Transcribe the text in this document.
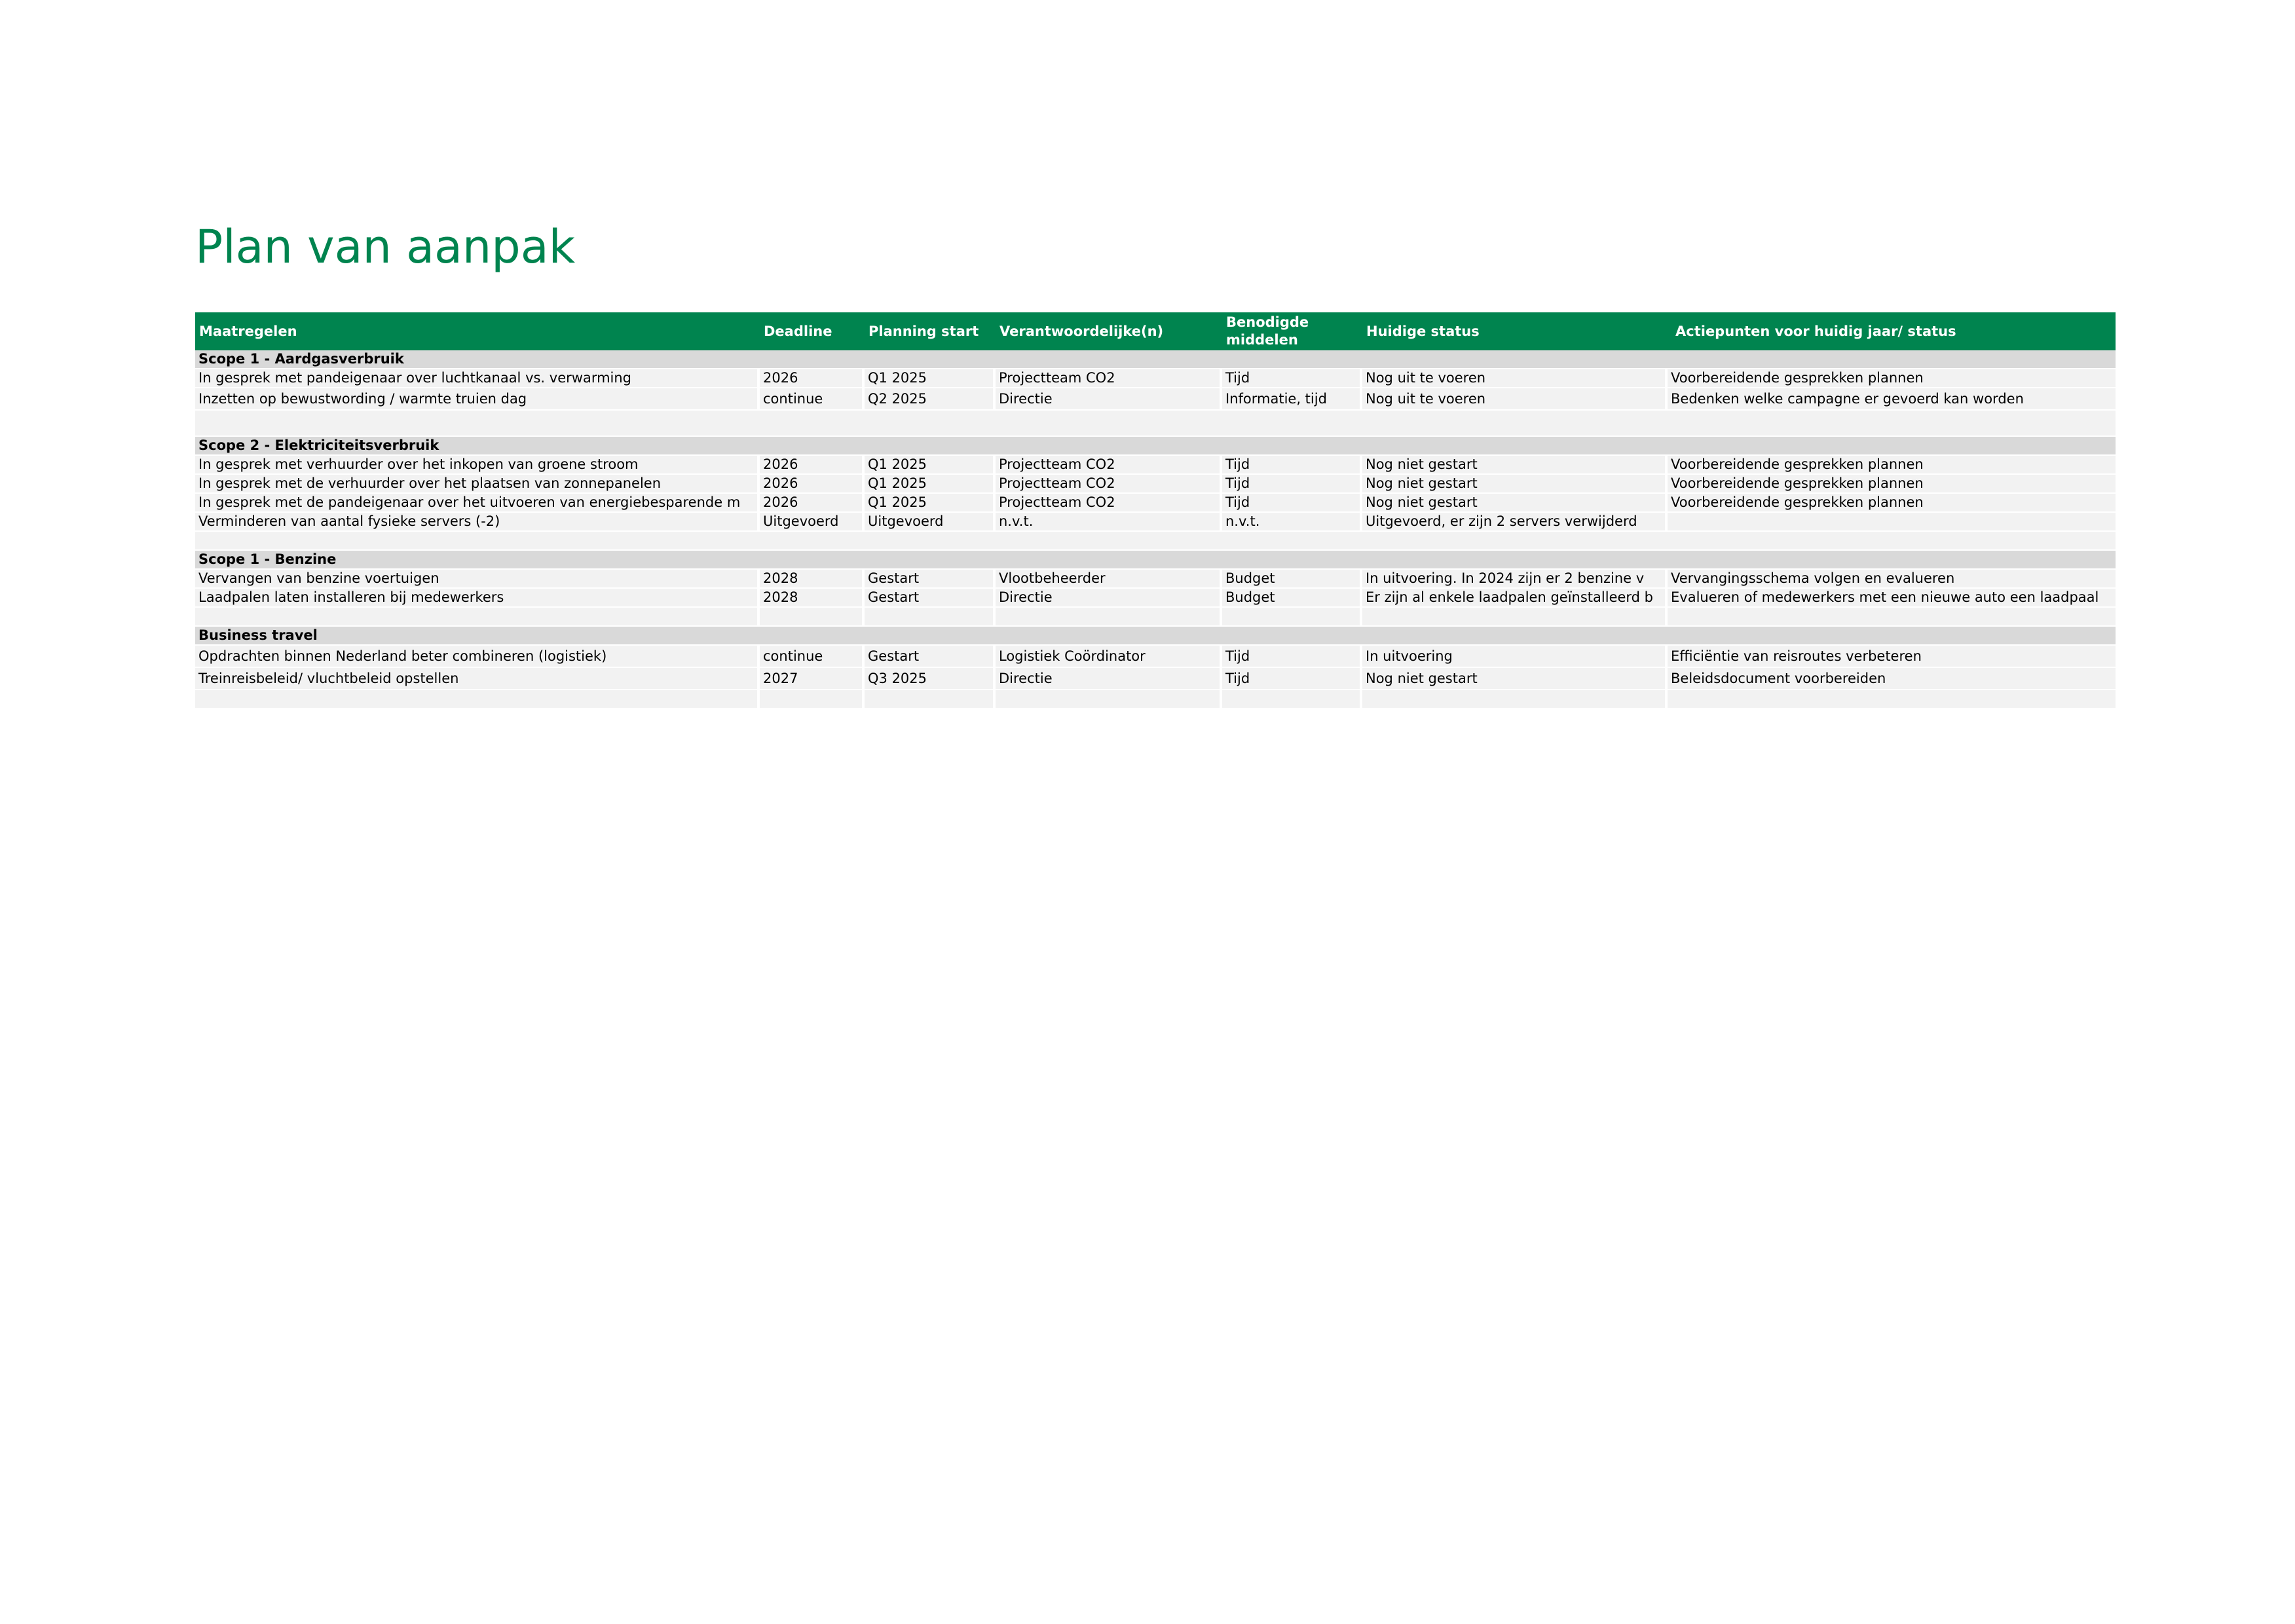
Plan van aanpak
Maatregelen	Deadline	Planning start	Verantwoordelijke(n)	Benodigde middelen	Huidige status	Actiepunten voor huidig jaar/ status
Scope 1 - Aardgasverbruik						
In gesprek met pandeigenaar over luchtkanaal vs. verwarming	2026	Q1 2025	Projectteam CO2	Tijd	Nog uit te voeren	Voorbereidende gesprekken plannen
Inzetten op bewustwording / warmte truien dag	continue	Q2 2025	Directie	Informatie, tijd	Nog uit te voeren	Bedenken welke campagne er gevoerd kan worden

Scope 2 - Elektriciteitsverbruik						
In gesprek met verhuurder over het inkopen van groene stroom	2026	Q1 2025	Projectteam CO2	Tijd	Nog niet gestart	Voorbereidende gesprekken plannen
In gesprek met de verhuurder over het plaatsen van zonnepanelen	2026	Q1 2025	Projectteam CO2	Tijd	Nog niet gestart	Voorbereidende gesprekken plannen
In gesprek met de pandeigenaar over het uitvoeren van energiebesparende m	2026	Q1 2025	Projectteam CO2	Tijd	Nog niet gestart	Voorbereidende gesprekken plannen
Verminderen van aantal fysieke servers (-2)	Uitgevoerd	Uitgevoerd	n.v.t.	n.v.t.	Uitgevoerd, er zijn 2 servers verwijderd	

Scope 1 - Benzine						
Vervangen van benzine voertuigen	2028	Gestart	Vlootbeheerder	Budget	In uitvoering. In 2024 zijn er 2 benzine v	Vervangingsschema volgen en evalueren
Laadpalen laten installeren bij medewerkers	2028	Gestart	Directie	Budget	Er zijn al enkele laadpalen geïnstalleerd b	Evalueren of medewerkers met een nieuwe auto een laadpaal

Business travel						
Opdrachten binnen Nederland beter combineren (logistiek)	continue	Gestart	Logistiek Coördinator	Tijd	In uitvoering	Efficiëntie van reisroutes verbeteren
Treinreisbeleid/ vluchtbeleid opstellen	2027	Q3 2025	Directie	Tijd	Nog niet gestart	Beleidsdocument voorbereiden
